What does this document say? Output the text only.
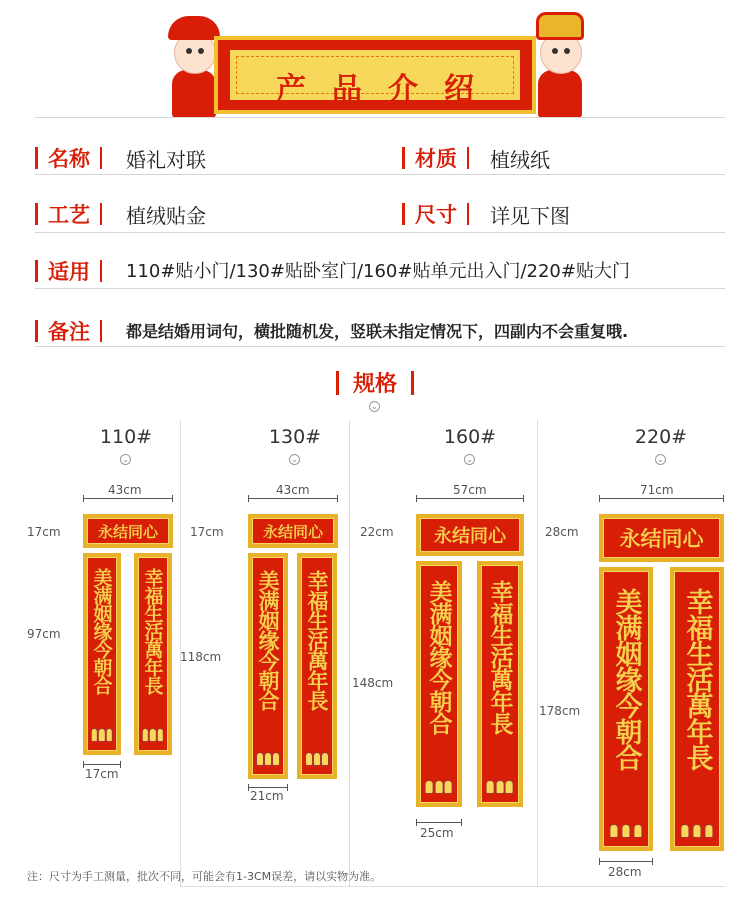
产品介绍
名称	婚礼对联	材质	植绒纸
工艺	植绒贴金	尺寸	详见下图
适用	110#贴小门/130#贴卧室门/160#贴单元出入门/220#贴大门
备注	都是结婚用词句，横批随机发，竖联未指定情况下，四副内不会重复哦.
规格
⌄
110#
⌄
43cm
17cm
97cm
永结同心
美满姻缘今朝合 幸福生活萬年長
17cm
130#
⌄
43cm
17cm
118cm
永结同心
美满姻缘今朝合 幸福生活萬年長
21cm
160#
⌄
57cm
22cm
148cm
永结同心
美满姻缘今朝合 幸福生活萬年長
25cm
220#
⌄
71cm
28cm
178cm
永结同心
美满姻缘今朝合 幸福生活萬年長
28cm
注：尺寸为手工测量，批次不同，可能会有1-3CM误差，请以实物为准。
